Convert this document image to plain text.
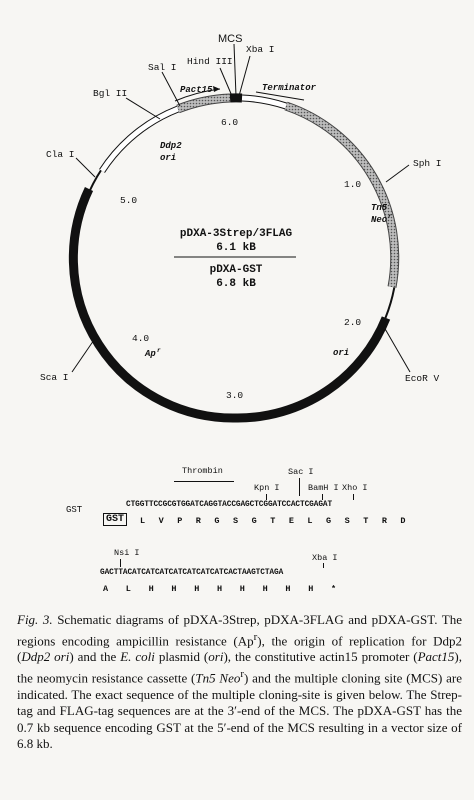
MCS
Hind III
Xba I
Sal I
Bgl II
Cla I
Sph I
Sca I	EcoR V
Pact15	Terminator
Ddp2
ori
Tn5
Neo r
ori
Ap r
6.0
1.0
2.0
3.0
4.0
5.0
pDXA-3Strep/3FLAG
6.1 kB
pDXA-GST
6.8 kB
Thrombin	Sac I
Kpn I	BamH I Xho I
GST	CTGGTTCCGCGTGGATCAGGTACCGAGCTCGGATCCACTCGAGAT
GST	L V P R G S G T E L G S T R D
Nsi I	Xba I
GACTTACATCATCATCATCATCATCATCACTAAGTCTAGA
A L H H H H H H H H *
Fig. 3. Schematic diagrams of pDXA-3Strep, pDXA-3FLAG and pDXA-GST. The regions encoding ampicillin resistance (Ap$^r$), the origin of replication for Ddp2 (Ddp2 ori) and the E. coli plasmid (ori), the constitutive actin15 promoter (Pact15), the neomycin resistance cassette (Tn5 Neo$^r$) and the multiple cloning site (MCS) are indicated. The exact sequence of the multiple cloning-site is given below. The Strep-tag and FLAG-tag sequences are at the 3′-end of the MCS. The pDXA-GST has the 0.7 kb sequence encoding GST at the 5′-end of the MCS resulting in a vector size of 6.8 kb.
